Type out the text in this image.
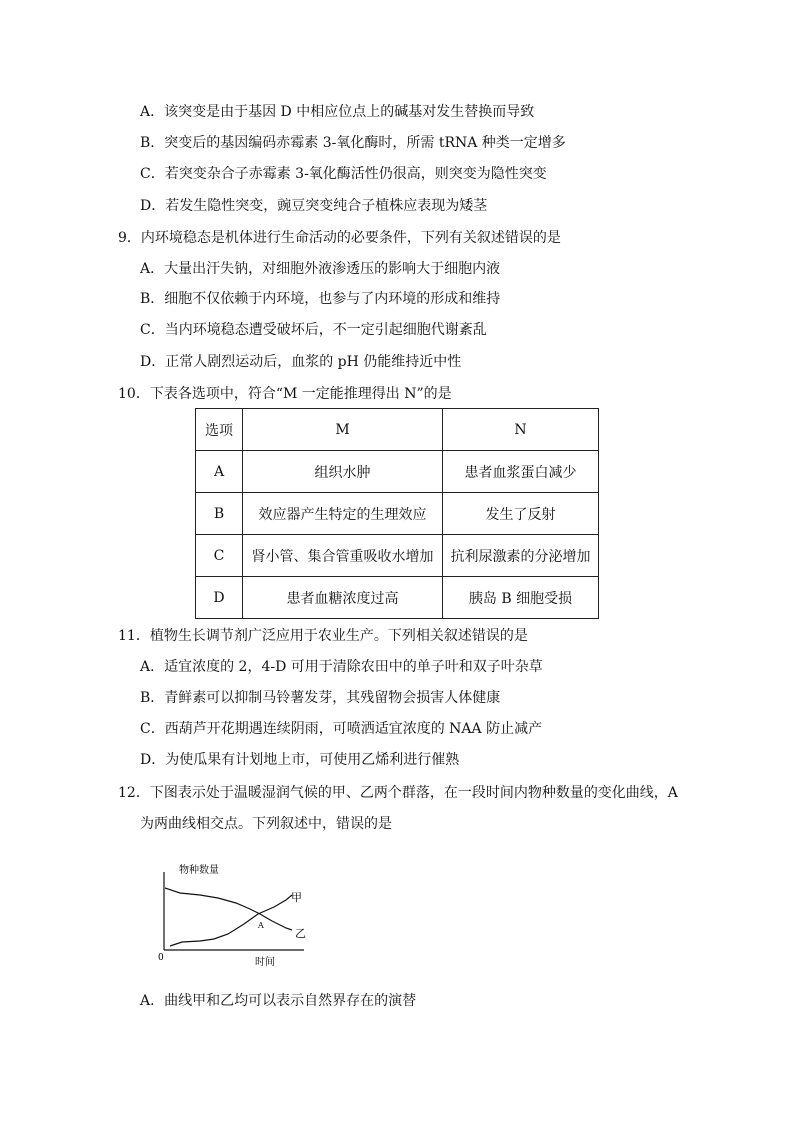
A．该突变是由于基因 D 中相应位点上的碱基对发生替换而导致
B．突变后的基因编码赤霉素 3-氧化酶时，所需 tRNA 种类一定增多
C．若突变杂合子赤霉素 3-氧化酶活性仍很高，则突变为隐性突变
D．若发生隐性突变，豌豆突变纯合子植株应表现为矮茎
9．内环境稳态是机体进行生命活动的必要条件，下列有关叙述错误的是
A．大量出汗失钠，对细胞外液渗透压的影响大于细胞内液
B．细胞不仅依赖于内环境，也参与了内环境的形成和维持
C．当内环境稳态遭受破坏后，不一定引起细胞代谢紊乱
D．正常人剧烈运动后，血浆的 pH 仍能维持近中性
10．下表各选项中，符合“M 一定能推理得出 N”的是
选项	M	N
A	组织水肿	患者血浆蛋白减少
B	效应器产生特定的生理效应	发生了反射
C	肾小管、集合管重吸收水增加	抗利尿激素的分泌增加
D	患者血糖浓度过高	胰岛 B 细胞受损
11．植物生长调节剂广泛应用于农业生产。下列相关叙述错误的是
A．适宜浓度的 2，4-D 可用于清除农田中的单子叶和双子叶杂草
B．青鲜素可以抑制马铃薯发芽，其残留物会损害人体健康
C．西葫芦开花期遇连续阴雨，可喷洒适宜浓度的 NAA 防止减产
D．为使瓜果有计划地上市，可使用乙烯利进行催熟
12．下图表示处于温暖湿润气候的甲、乙两个群落，在一段时间内物种数量的变化曲线，A
为两曲线相交点。下列叙述中，错误的是
物种数量
时间
0
甲
乙
A
A．曲线甲和乙均可以表示自然界存在的演替
